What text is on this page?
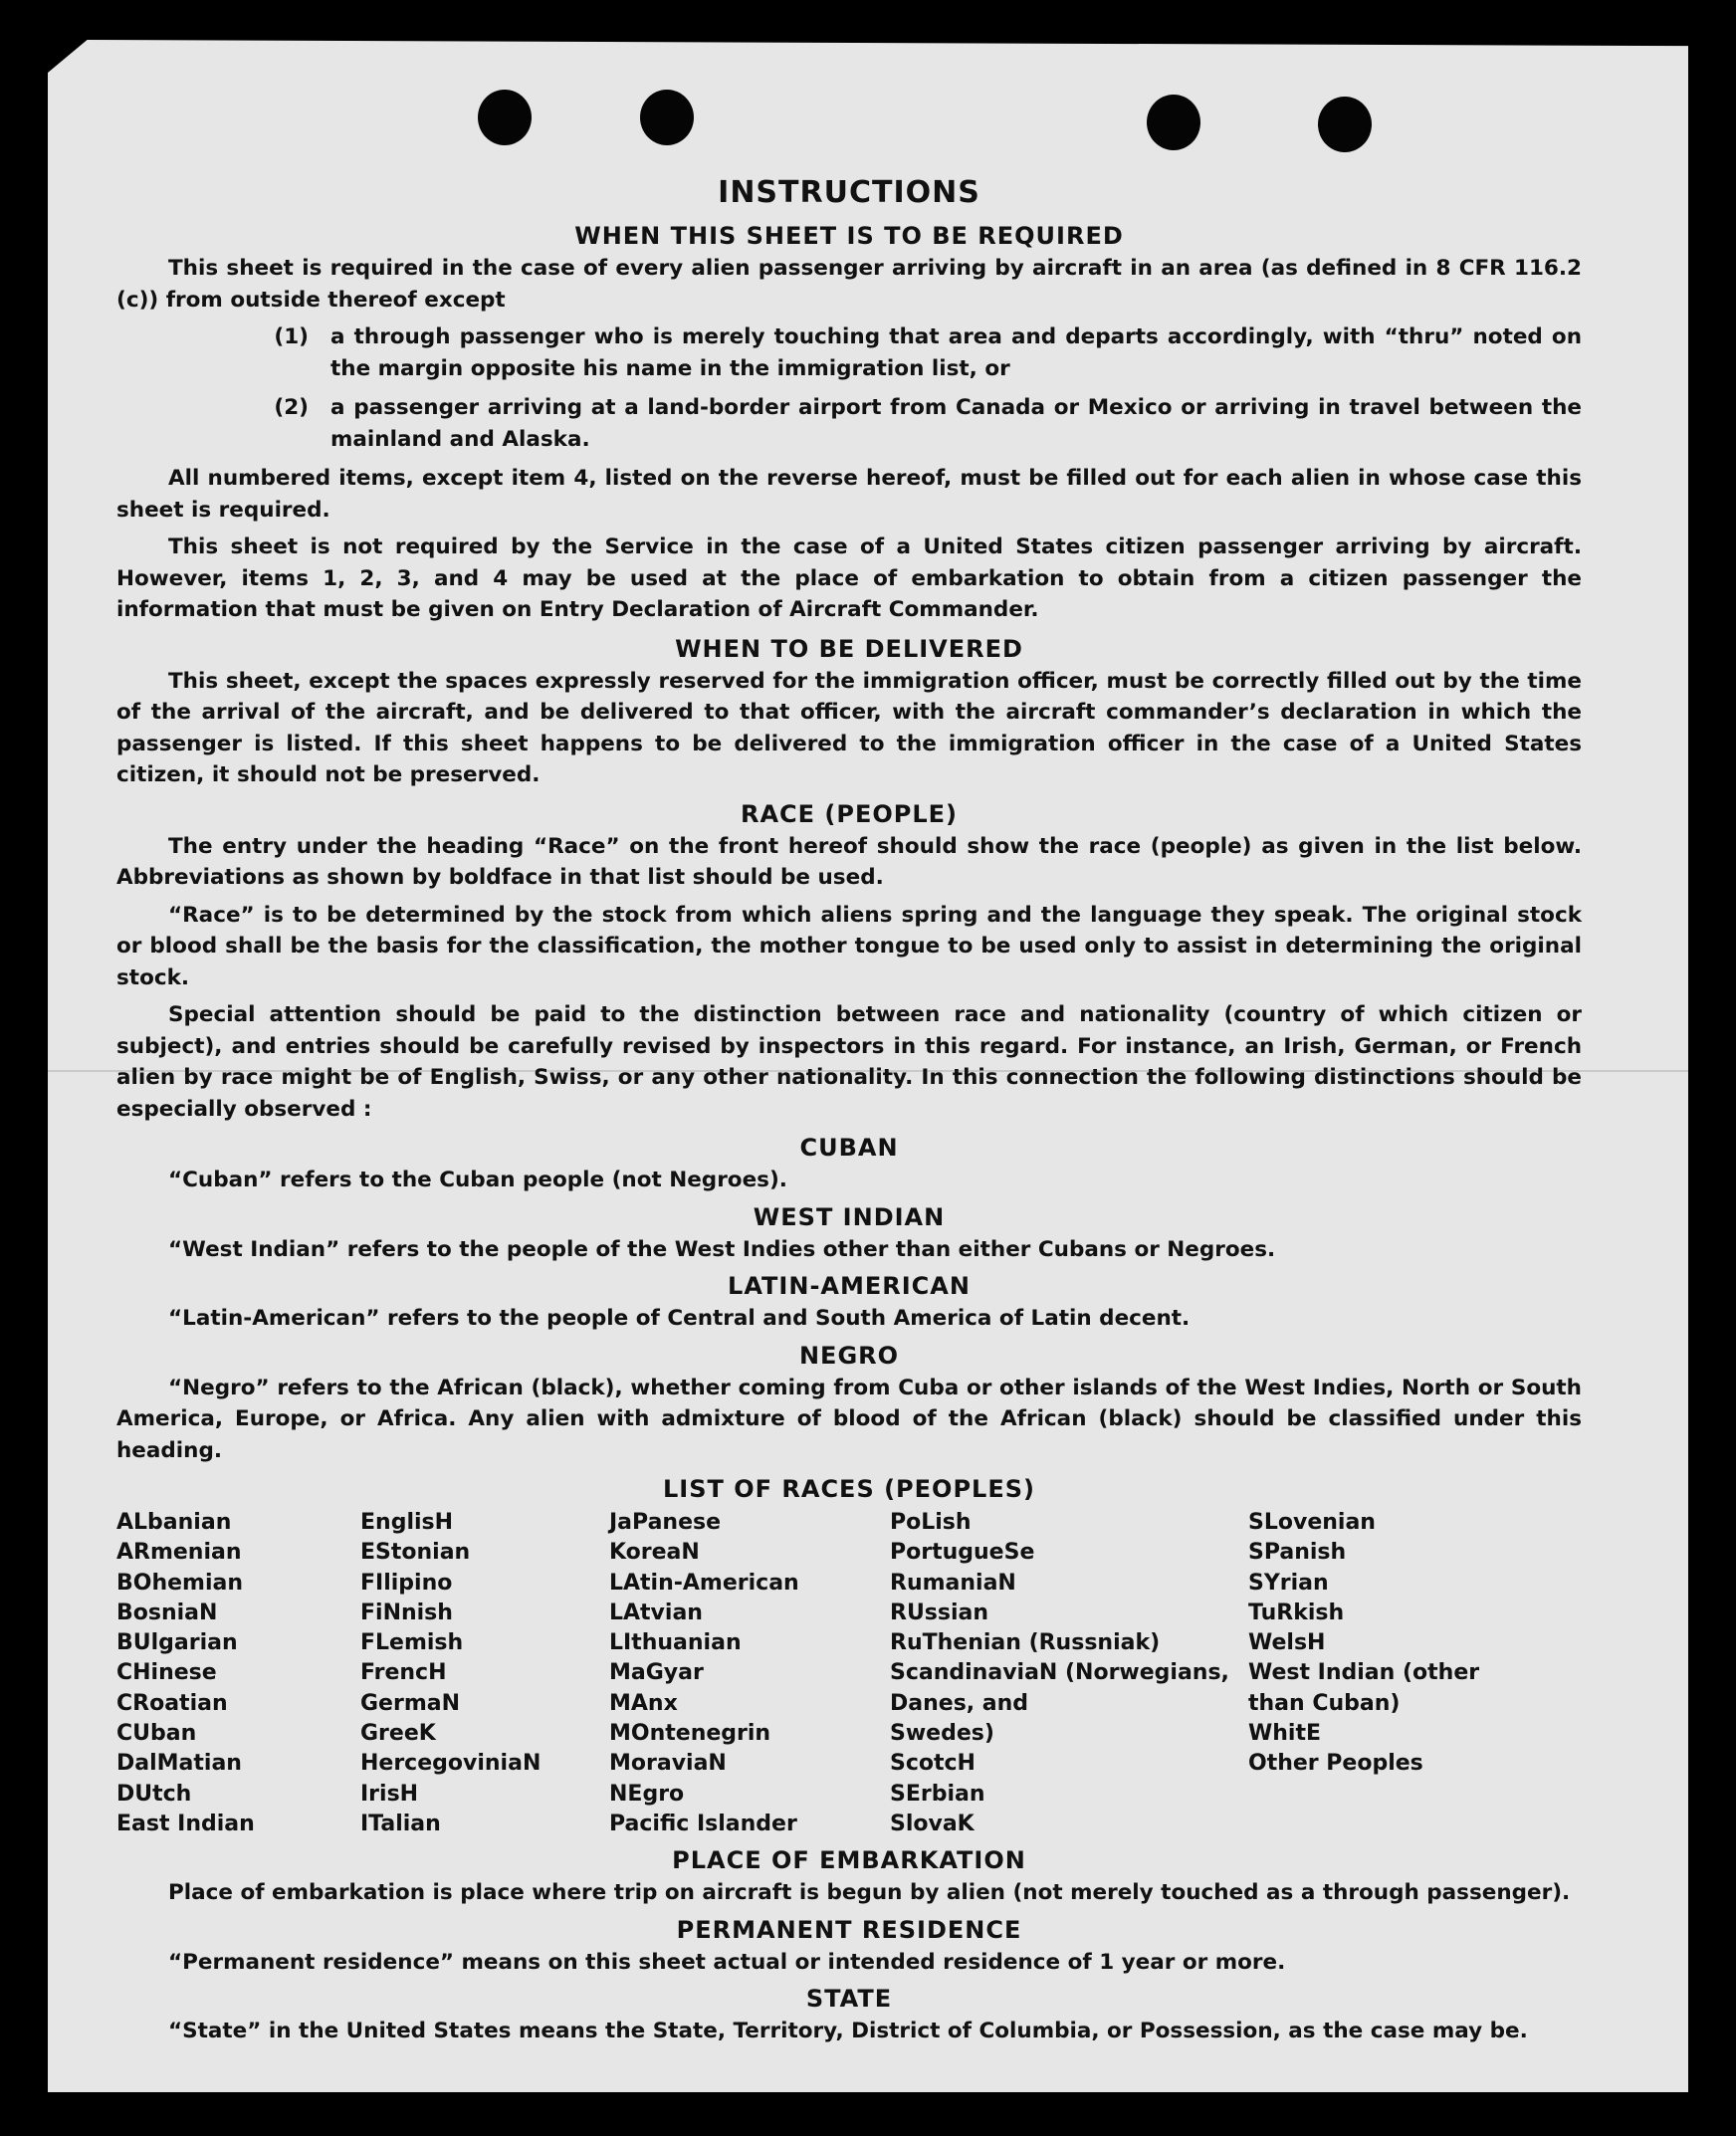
INSTRUCTIONS
WHEN THIS SHEET IS TO BE REQUIRED
This sheet is required in the case of every alien passenger arriving by aircraft in an area (as defined in 8 CFR 116.2 (c)) from outside thereof except
(1)	a through passenger who is merely touching that area and departs accordingly, with “thru” noted on the margin opposite his name in the immigration list, or
(2)	a passenger arriving at a land-border airport from Canada or Mexico or arriving in travel between the mainland and Alaska.
All numbered items, except item 4, listed on the reverse hereof, must be filled out for each alien in whose case this sheet is required.
This sheet is not required by the Service in the case of a United States citizen passenger arriving by aircraft. However, items 1, 2, 3, and 4 may be used at the place of embarkation to obtain from a citizen passenger the information that must be given on Entry Declaration of Aircraft Commander.
WHEN TO BE DELIVERED
This sheet, except the spaces expressly reserved for the immigration officer, must be correctly filled out by the time of the arrival of the aircraft, and be delivered to that officer, with the aircraft commander’s declaration in which the passenger is listed. If this sheet happens to be delivered to the immigration officer in the case of a United States citizen, it should not be preserved.
RACE (PEOPLE)
The entry under the heading “Race” on the front hereof should show the race (people) as given in the list below. Abbreviations as shown by boldface in that list should be used.
“Race” is to be determined by the stock from which aliens spring and the language they speak. The original stock or blood shall be the basis for the classification, the mother tongue to be used only to assist in determining the original stock.
Special attention should be paid to the distinction between race and nationality (country of which citizen or subject), and entries should be carefully revised by inspectors in this regard. For instance, an Irish, German, or French alien by race might be of English, Swiss, or any other nationality. In this connection the following distinctions should be especially observed :
CUBAN
“Cuban” refers to the Cuban people (not Negroes).
WEST INDIAN
“West Indian” refers to the people of the West Indies other than either Cubans or Negroes.
LATIN-AMERICAN
“Latin-American” refers to the people of Central and South America of Latin decent.
NEGRO
“Negro” refers to the African (black), whether coming from Cuba or other islands of the West Indies, North or South America, Europe, or Africa. Any alien with admixture of blood of the African (black) should be classified under this heading.
LIST OF RACES (PEOPLES)
ALbanian
ARmenian
BOhemian
BosniaN
BUlgarian
CHinese
CRoatian
CUban
DalMatian
DUtch
East Indian
EnglisH
EStonian
FIlipino
FiNnish
FLemish
FrencH
GermaN
GreeK
HercegoviniaN
IrisH
ITalian
JaPanese
KoreaN
LAtin-American
LAtvian
LIthuanian
MaGyar
MAnx
MOntenegrin
MoraviaN
NEgro
Pacific Islander
PoLish
PortugueSe
RumaniaN
RUssian
RuThenian (Russniak)
ScandinaviaN (Norwegians,
Danes, and
Swedes)
ScotcH
SErbian
SlovaK
SLovenian
SPanish
SYrian
TuRkish
WelsH
West Indian (other
than Cuban)
WhitE
Other Peoples
PLACE OF EMBARKATION
Place of embarkation is place where trip on aircraft is begun by alien (not merely touched as a through passenger).
PERMANENT RESIDENCE
“Permanent residence” means on this sheet actual or intended residence of 1 year or more.
STATE
“State” in the United States means the State, Territory, District of Columbia, or Possession, as the case may be.
